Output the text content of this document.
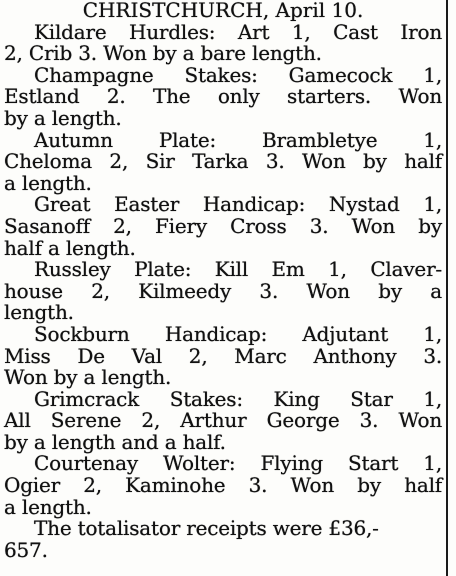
CHRISTCHURCH, April 10.
Kildare Hurdles: Art 1, Cast Iron
2, Crib 3. Won by a bare length.
Champagne Stakes: Gamecock 1,
Estland 2. The only starters. Won
by a length.
Autumn Plate: Brambletye 1,
Cheloma 2, Sir Tarka 3. Won by half
a length.
Great Easter Handicap: Nystad 1,
Sasanoff 2, Fiery Cross 3. Won by
half a length.
Russley Plate: Kill Em 1, Claver-
house 2, Kilmeedy 3. Won by a
length.
Sockburn Handicap: Adjutant 1,
Miss De Val 2, Marc Anthony 3.
Won by a length.
Grimcrack Stakes: King Star 1,
All Serene 2, Arthur George 3. Won
by a length and a half.
Courtenay Wolter: Flying Start 1,
Ogier 2, Kaminohe 3. Won by half
a length.
The totalisator receipts were £36,-
657.
